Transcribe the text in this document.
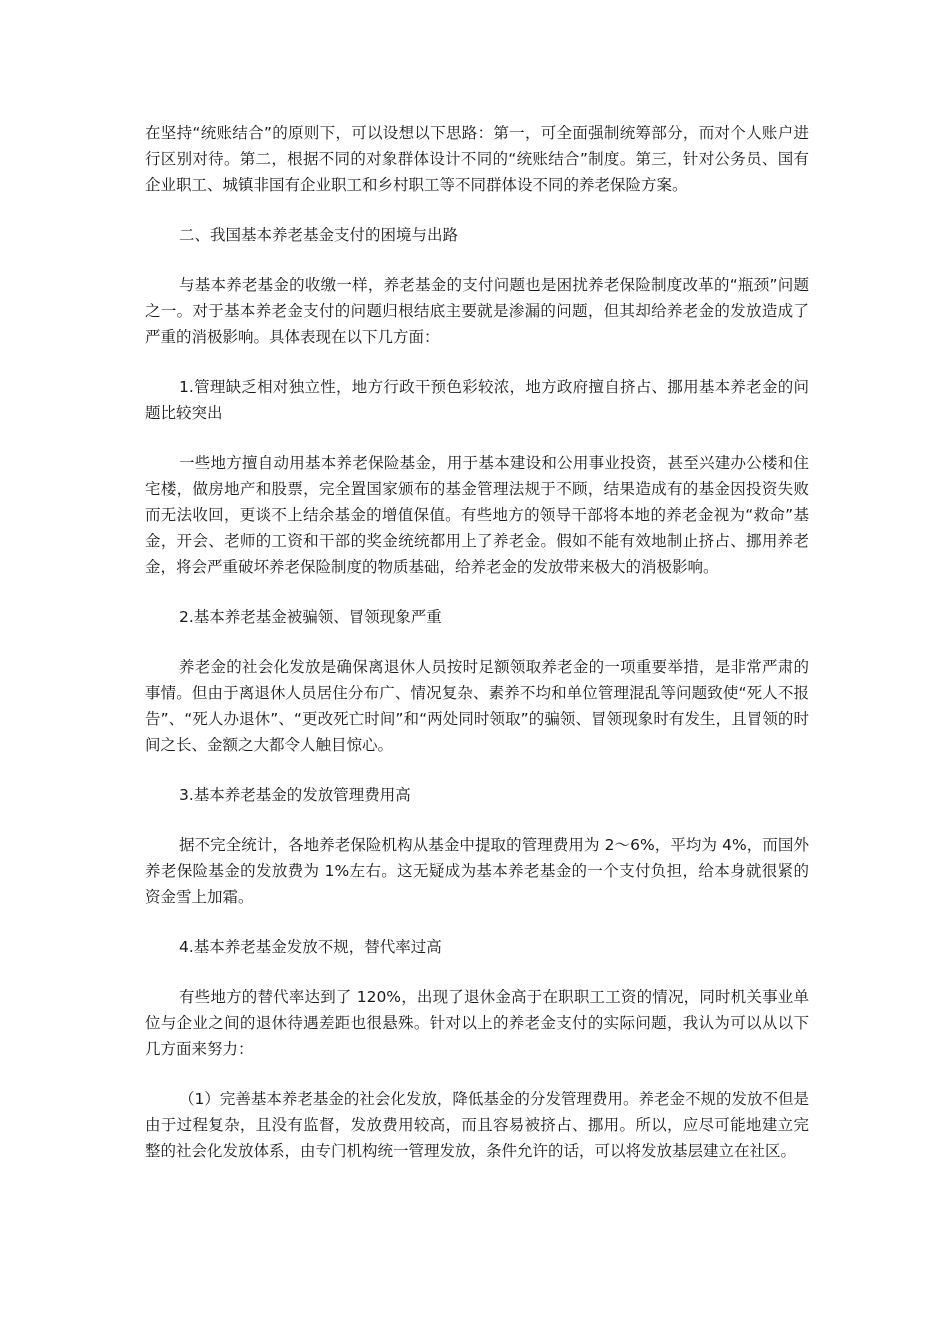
在坚持“统账结合”的原则下，可以设想以下思路：第一，可全面强制统筹部分，而对个人账户进行区别对待。第二，根据不同的对象群体设计不同的“统账结合”制度。第三，针对公务员、国有企业职工、城镇非国有企业职工和乡村职工等不同群体设不同的养老保险方案。

二、我国基本养老基金支付的困境与出路

与基本养老基金的收缴一样，养老基金的支付问题也是困扰养老保险制度改革的“瓶颈”问题之一。对于基本养老金支付的问题归根结底主要就是渗漏的问题，但其却给养老金的发放造成了严重的消极影响。具体表现在以下几方面：

1.管理缺乏相对独立性，地方行政干预色彩较浓，地方政府擅自挤占、挪用基本养老金的问题比较突出

一些地方擅自动用基本养老保险基金，用于基本建设和公用事业投资，甚至兴建办公楼和住宅楼，做房地产和股票，完全置国家颁布的基金管理法规于不顾，结果造成有的基金因投资失败而无法收回，更谈不上结余基金的增值保值。有些地方的领导干部将本地的养老金视为“救命”基金，开会、老师的工资和干部的奖金统统都用上了养老金。假如不能有效地制止挤占、挪用养老金，将会严重破坏养老保险制度的物质基础，给养老金的发放带来极大的消极影响。

2.基本养老基金被骗领、冒领现象严重

养老金的社会化发放是确保离退休人员按时足额领取养老金的一项重要举措，是非常严肃的事情。但由于离退休人员居住分布广、情况复杂、素养不均和单位管理混乱等问题致使“死人不报告”、“死人办退休”、“更改死亡时间”和“两处同时领取”的骗领、冒领现象时有发生，且冒领的时间之长、金额之大都令人触目惊心。

3.基本养老基金的发放管理费用高

据不完全统计，各地养老保险机构从基金中提取的管理费用为 2～6%，平均为 4%，而国外养老保险基金的发放费为 1%左右。这无疑成为基本养老基金的一个支付负担，给本身就很紧的资金雪上加霜。

4.基本养老基金发放不规，替代率过高

有些地方的替代率达到了 120%，出现了退休金高于在职职工工资的情况，同时机关事业单位与企业之间的退休待遇差距也很悬殊。针对以上的养老金支付的实际问题，我认为可以从以下几方面来努力：

（1）完善基本养老基金的社会化发放，降低基金的分发管理费用。养老金不规的发放不但是由于过程复杂，且没有监督，发放费用较高，而且容易被挤占、挪用。所以，应尽可能地建立完整的社会化发放体系，由专门机构统一管理发放，条件允许的话，可以将发放基层建立在社区。
